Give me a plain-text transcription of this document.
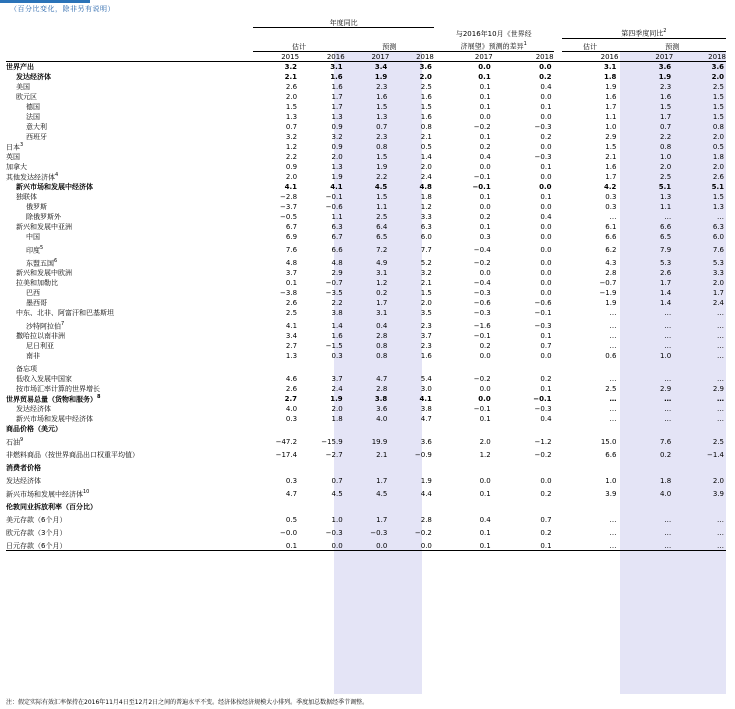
（百分比变化，除非另有说明）
	年度同比									
					与2016年10月《世界经			第四季度同比$^2$
	估计		预测		济展望》预测的差异$^1$			估计	预测	
	2015	2016	2017	2018	2017	2018		2016	2017	2018
世界产出	3.2	3.1	3.4	3.6	0.0	0.0		3.1	3.6	3.6
发达经济体	2.1	1.6	1.9	2.0	0.1	0.2		1.8	1.9	2.0
美国	2.6	1.6	2.3	2.5	0.1	0.4		1.9	2.3	2.5
欧元区	2.0	1.7	1.6	1.6	0.1	0.0		1.6	1.6	1.5
德国	1.5	1.7	1.5	1.5	0.1	0.1		1.7	1.5	1.5
法国	1.3	1.3	1.3	1.6	0.0	0.0		1.1	1.7	1.5
意大利	0.7	0.9	0.7	0.8	−0.2	−0.3		1.0	0.7	0.8
西班牙	3.2	3.2	2.3	2.1	0.1	0.2		2.9	2.2	2.0
日本$^3$	1.2	0.9	0.8	0.5	0.2	0.0		1.5	0.8	0.5
英国	2.2	2.0	1.5	1.4	0.4	−0.3		2.1	1.0	1.8
加拿大	0.9	1.3	1.9	2.0	0.0	0.1		1.6	2.0	2.0
其他发达经济体$^4$	2.0	1.9	2.2	2.4	−0.1	0.0		1.7	2.5	2.6
新兴市场和发展中经济体	4.1	4.1	4.5	4.8	−0.1	0.0		4.2	5.1	5.1
独联体	−2.8	−0.1	1.5	1.8	0.1	0.1		0.3	1.3	1.5
俄罗斯	−3.7	−0.6	1.1	1.2	0.0	0.0		0.3	1.1	1.3
除俄罗斯外	−0.5	1.1	2.5	3.3	0.2	0.4		…	…	…
新兴和发展中亚洲	6.7	6.3	6.4	6.3	0.1	0.0		6.1	6.6	6.3
中国	6.9	6.7	6.5	6.0	0.3	0.0		6.6	6.5	6.0
印度$^5$	7.6	6.6	7.2	7.7	−0.4	0.0		6.2	7.9	7.6
东盟五国$^6$	4.8	4.8	4.9	5.2	−0.2	0.0		4.3	5.3	5.3
新兴和发展中欧洲	3.7	2.9	3.1	3.2	0.0	0.0		2.8	2.6	3.3
拉美和加勒比	0.1	−0.7	1.2	2.1	−0.4	0.0		−0.7	1.7	2.0
巴西	−3.8	−3.5	0.2	1.5	−0.3	0.0		−1.9	1.4	1.7
墨西哥	2.6	2.2	1.7	2.0	−0.6	−0.6		1.9	1.4	2.4
中东、北非、阿富汗和巴基斯坦	2.5	3.8	3.1	3.5	−0.3	−0.1		…	…	…
沙特阿拉伯$^7$	4.1	1.4	0.4	2.3	−1.6	−0.3		…	…	…
撒哈拉以南非洲	3.4	1.6	2.8	3.7	−0.1	0.1		…	…	…
尼日利亚	2.7	−1.5	0.8	2.3	0.2	0.7		…	…	…
南非	1.3	0.3	0.8	1.6	0.0	0.0		0.6	1.0	…
备忘项										
低收入发展中国家	4.6	3.7	4.7	5.4	−0.2	0.2		…	…	…
按市场汇率计算的世界增长	2.6	2.4	2.8	3.0	0.0	0.1		2.5	2.9	2.9
世界贸易总量（货物和服务）$^8$	2.7	1.9	3.8	4.1	0.0	−0.1		…	…	…
发达经济体	4.0	2.0	3.6	3.8	−0.1	−0.3		…	…	…
新兴市场和发展中经济体	0.3	1.8	4.0	4.7	0.1	0.4		…	…	…
商品价格（美元）										
石油$^9$	−47.2	−15.9	19.9	3.6	2.0	−1.2		15.0	7.6	2.5
非燃料商品（按世界商品出口权重平均值）	−17.4	−2.7	2.1	−0.9	1.2	−0.2		6.6	0.2	−1.4
消费者价格										
发达经济体	0.3	0.7	1.7	1.9	0.0	0.0		1.0	1.8	2.0
新兴市场和发展中经济体$^{10}$	4.7	4.5	4.5	4.4	0.1	0.2		3.9	4.0	3.9
伦敦同业拆放利率（百分比）										
美元存款（6个月）	0.5	1.0	1.7	2.8	0.4	0.7		…	…	…
欧元存款（3个月）	−0.0	−0.3	−0.3	−0.2	0.1	0.2		…	…	…
日元存款（6个月）	0.1	0.0	0.0	0.0	0.1	0.1		…	…	…
注：假定实际有效汇率保持在2016年11月4日至12月2日之间的普遍水平不变。经济体按经济规模大小排列。季度加总数据经季节调整。
